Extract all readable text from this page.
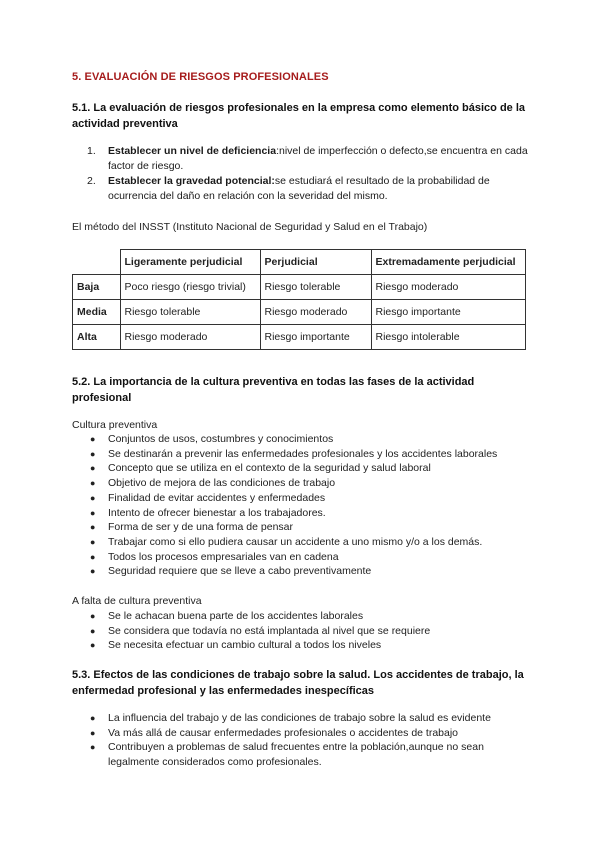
5. EVALUACIÓN DE RIESGOS PROFESIONALES
5.1. La evaluación de riesgos profesionales en la empresa como elemento básico de la actividad preventiva
1. Establecer un nivel de deficiencia:nivel de imperfección o defecto,se encuentra en cada factor de riesgo.
2. Establecer la gravedad potencial:se estudiará el resultado de la probabilidad de ocurrencia del daño en relación con la severidad del mismo.
El método del INSST (Instituto Nacional de Seguridad y Salud en el Trabajo)
	Ligeramente perjudicial	Perjudicial	Extremadamente perjudicial
Baja	Poco riesgo (riesgo trivial)	Riesgo tolerable	Riesgo moderado
Media	Riesgo tolerable	Riesgo moderado	Riesgo importante
Alta	Riesgo moderado	Riesgo importante	Riesgo intolerable
5.2. La importancia de la cultura preventiva en todas las fases de la actividad profesional
Cultura preventiva
● Conjuntos de usos, costumbres y conocimientos
● Se destinarán a prevenir las enfermedades profesionales y los accidentes laborales
● Concepto que se utiliza en el contexto de la seguridad y salud laboral
● Objetivo de mejora de las condiciones de trabajo
● Finalidad de evitar accidentes y enfermedades
● Intento de ofrecer bienestar a los trabajadores.
● Forma de ser y de una forma de pensar
● Trabajar como si ello pudiera causar un accidente a uno mismo y/o a los demás.
● Todos los procesos empresariales van en cadena
● Seguridad requiere que se lleve a cabo preventivamente
A falta de cultura preventiva
● Se le achacan buena parte de los accidentes laborales
● Se considera que todavía no está implantada al nivel que se requiere
● Se necesita efectuar un cambio cultural a todos los niveles
5.3. Efectos de las condiciones de trabajo sobre la salud. Los accidentes de trabajo, la enfermedad profesional y las enfermedades inespecíficas
● La influencia del trabajo y de las condiciones de trabajo sobre la salud es evidente
● Va más allá de causar enfermedades profesionales o accidentes de trabajo
● Contribuyen a problemas de salud frecuentes entre la población,aunque no sean legalmente considerados como profesionales.
